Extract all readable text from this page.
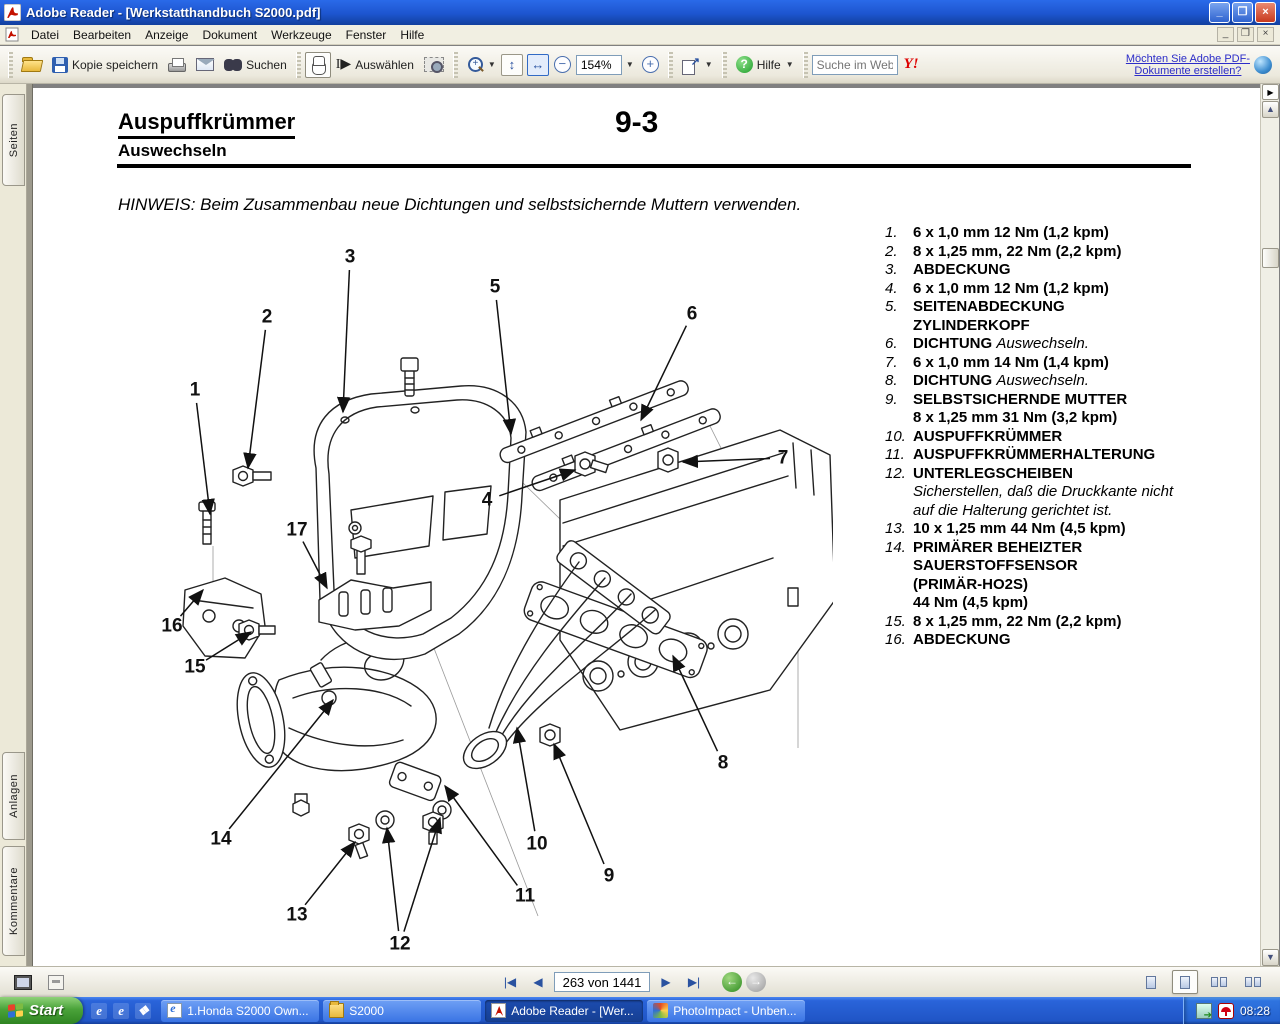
Adobe Reader - [Werkstatthandbuch S2000.pdf]	_	❐	×
Datei	Bearbeiten	Anzeige	Dokument	Werkzeuge	Fenster	Hilfe	_	❐	×
Kopie speichern	Suchen	I▶ Auswählen +	▼ ↕	↔	−
154%	▼ + ↗	▼	? Hilfe ▼
Suche im Web	Y!	Möchten Sie Adobe PDF-
Dokumente erstellen?
Seiten
Anlagen
Kommentare
Auspuffkrümmer
Auswechseln
9-3
HINWEIS: Beim Zusammenbau neue Dichtungen und selbstsichernde Muttern verwenden.
1
2
3
4
5
6
7
8
9
10
11
12
13
14
15
16
17
1.	6 x 1,0 mm 12 Nm (1,2 kpm)
2.	8 x 1,25 mm, 22 Nm (2,2 kpm)
3.	ABDECKUNG
4.	6 x 1,0 mm 12 Nm (1,2 kpm)
5.	SEITENABDECKUNG
ZYLINDERKOPF
6.	DICHTUNG Auswechseln.
7.	6 x 1,0 mm 14 Nm (1,4 kpm)
8.	DICHTUNG Auswechseln.
9.	SELBSTSICHERNDE MUTTER
8 x 1,25 mm 31 Nm (3,2 kpm)
10. AUSPUFFKRÜMMER
11. AUSPUFFKRÜMMERHALTERUNG
12. UNTERLEGSCHEIBEN
Sicherstellen, daß die Druckkante nicht
auf die Halterung gerichtet ist.
13. 10 x 1,25 mm 44 Nm (4,5 kpm)
14. PRIMÄRER BEHEIZTER
SAUERSTOFFSENSOR
(PRIMÄR-HO2S)
44 Nm (4,5 kpm)
15. 8 x 1,25 mm, 22 Nm (2,2 kpm)
16. ABDECKUNG
▶
▲
▼
|◀	◀
263 von 1441	▶	▶|	←	→
Start	e	e	❖ e	1.Honda S2000 Own...	S2000	Adobe Reader - [Wer...	PhotoImpact - Unben... ➔	08:28
